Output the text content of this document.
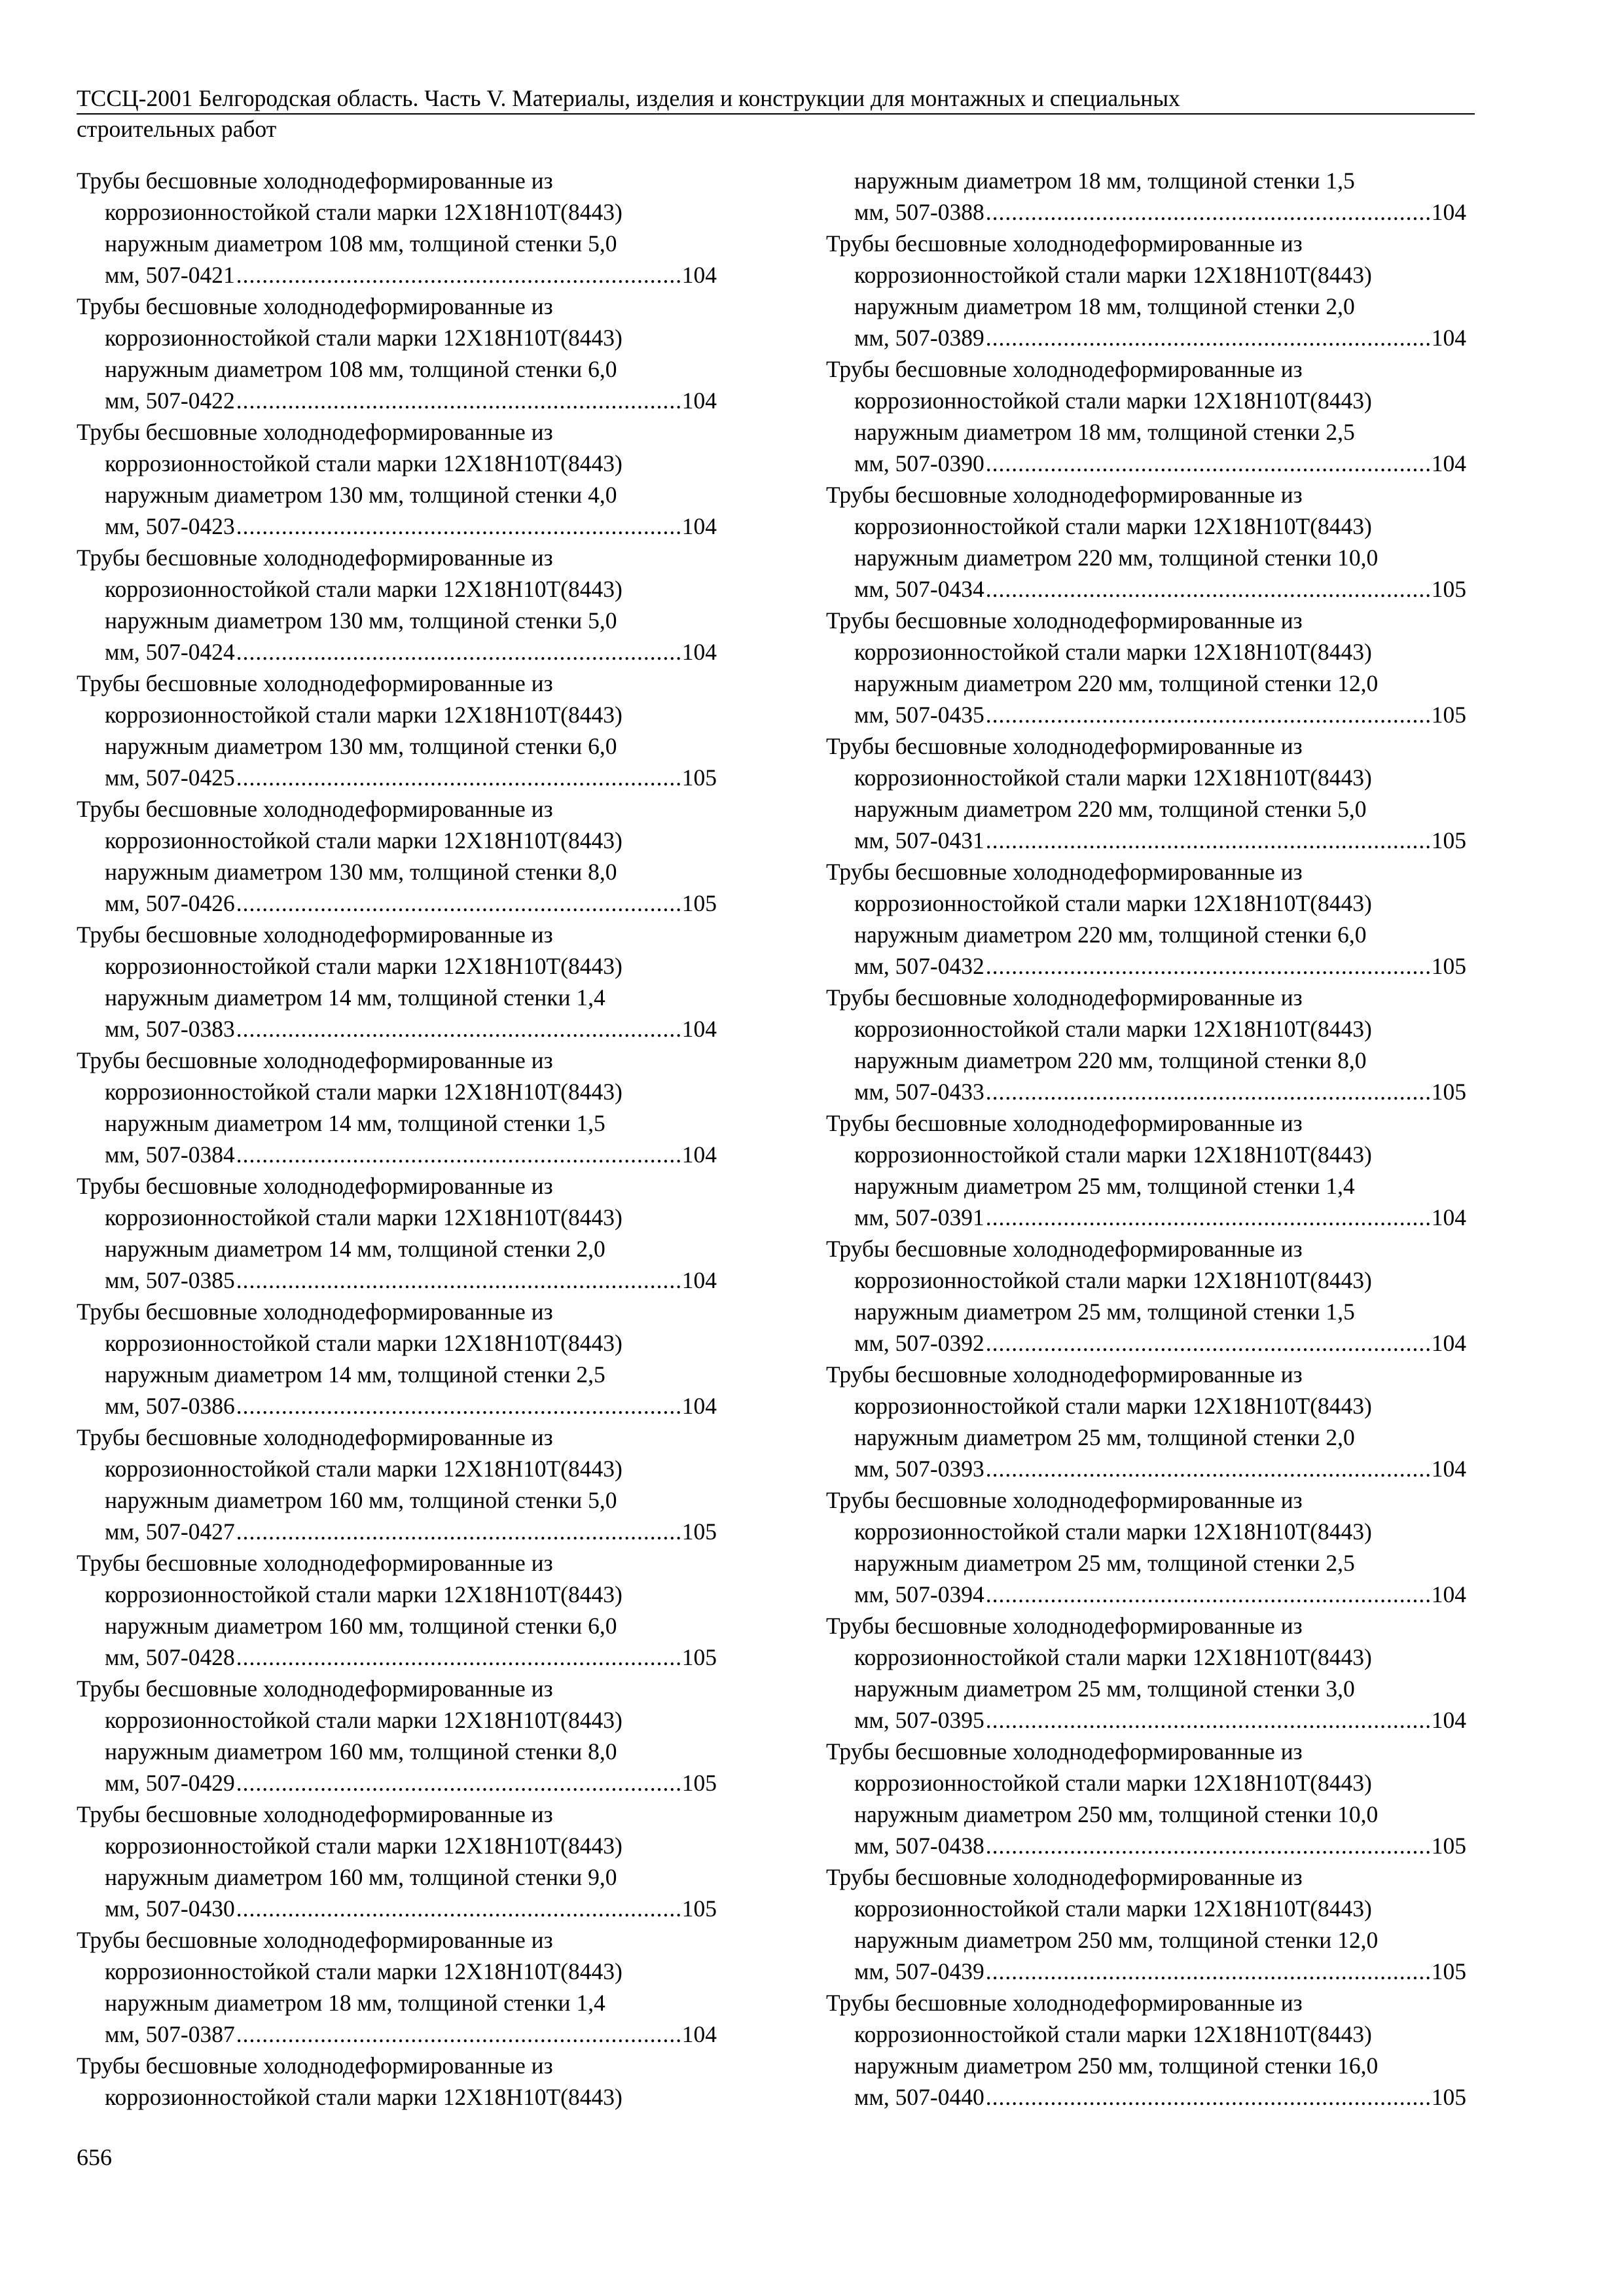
ТССЦ-2001 Белгородская область. Часть V. Материалы, изделия и конструкции для монтажных и специальных
строительных работ
Трубы бесшовные холоднодеформированные из
коррозионностойкой стали марки 12Х18Н10Т(8443)
наружным диаметром 108 мм, толщиной стенки 5,0
мм, 507-0421 .....	104
Трубы бесшовные холоднодеформированные из
коррозионностойкой стали марки 12Х18Н10Т(8443)
наружным диаметром 108 мм, толщиной стенки 6,0
мм, 507-0422 .....	104
Трубы бесшовные холоднодеформированные из
коррозионностойкой стали марки 12Х18Н10Т(8443)
наружным диаметром 130 мм, толщиной стенки 4,0
мм, 507-0423 .....	104
Трубы бесшовные холоднодеформированные из
коррозионностойкой стали марки 12Х18Н10Т(8443)
наружным диаметром 130 мм, толщиной стенки 5,0
мм, 507-0424 .....	104
Трубы бесшовные холоднодеформированные из
коррозионностойкой стали марки 12Х18Н10Т(8443)
наружным диаметром 130 мм, толщиной стенки 6,0
мм, 507-0425 .....	105
Трубы бесшовные холоднодеформированные из
коррозионностойкой стали марки 12Х18Н10Т(8443)
наружным диаметром 130 мм, толщиной стенки 8,0
мм, 507-0426 .....	105
Трубы бесшовные холоднодеформированные из
коррозионностойкой стали марки 12Х18Н10Т(8443)
наружным диаметром 14 мм, толщиной стенки 1,4
мм, 507-0383 .....	104
Трубы бесшовные холоднодеформированные из
коррозионностойкой стали марки 12Х18Н10Т(8443)
наружным диаметром 14 мм, толщиной стенки 1,5
мм, 507-0384 .....	104
Трубы бесшовные холоднодеформированные из
коррозионностойкой стали марки 12Х18Н10Т(8443)
наружным диаметром 14 мм, толщиной стенки 2,0
мм, 507-0385 .....	104
Трубы бесшовные холоднодеформированные из
коррозионностойкой стали марки 12Х18Н10Т(8443)
наружным диаметром 14 мм, толщиной стенки 2,5
мм, 507-0386 .....	104
Трубы бесшовные холоднодеформированные из
коррозионностойкой стали марки 12Х18Н10Т(8443)
наружным диаметром 160 мм, толщиной стенки 5,0
мм, 507-0427 .....	105
Трубы бесшовные холоднодеформированные из
коррозионностойкой стали марки 12Х18Н10Т(8443)
наружным диаметром 160 мм, толщиной стенки 6,0
мм, 507-0428 .....	105
Трубы бесшовные холоднодеформированные из
коррозионностойкой стали марки 12Х18Н10Т(8443)
наружным диаметром 160 мм, толщиной стенки 8,0
мм, 507-0429 .....	105
Трубы бесшовные холоднодеформированные из
коррозионностойкой стали марки 12Х18Н10Т(8443)
наружным диаметром 160 мм, толщиной стенки 9,0
мм, 507-0430 .....	105
Трубы бесшовные холоднодеформированные из
коррозионностойкой стали марки 12Х18Н10Т(8443)
наружным диаметром 18 мм, толщиной стенки 1,4
мм, 507-0387 .....	104
Трубы бесшовные холоднодеформированные из
коррозионностойкой стали марки 12Х18Н10Т(8443)
наружным диаметром 18 мм, толщиной стенки 1,5
мм, 507-0388 .....	104
Трубы бесшовные холоднодеформированные из
коррозионностойкой стали марки 12Х18Н10Т(8443)
наружным диаметром 18 мм, толщиной стенки 2,0
мм, 507-0389 .....	104
Трубы бесшовные холоднодеформированные из
коррозионностойкой стали марки 12Х18Н10Т(8443)
наружным диаметром 18 мм, толщиной стенки 2,5
мм, 507-0390 .....	104
Трубы бесшовные холоднодеформированные из
коррозионностойкой стали марки 12Х18Н10Т(8443)
наружным диаметром 220 мм, толщиной стенки 10,0
мм, 507-0434 .....	105
Трубы бесшовные холоднодеформированные из
коррозионностойкой стали марки 12Х18Н10Т(8443)
наружным диаметром 220 мм, толщиной стенки 12,0
мм, 507-0435 .....	105
Трубы бесшовные холоднодеформированные из
коррозионностойкой стали марки 12Х18Н10Т(8443)
наружным диаметром 220 мм, толщиной стенки 5,0
мм, 507-0431 .....	105
Трубы бесшовные холоднодеформированные из
коррозионностойкой стали марки 12Х18Н10Т(8443)
наружным диаметром 220 мм, толщиной стенки 6,0
мм, 507-0432 .....	105
Трубы бесшовные холоднодеформированные из
коррозионностойкой стали марки 12Х18Н10Т(8443)
наружным диаметром 220 мм, толщиной стенки 8,0
мм, 507-0433 .....	105
Трубы бесшовные холоднодеформированные из
коррозионностойкой стали марки 12Х18Н10Т(8443)
наружным диаметром 25 мм, толщиной стенки 1,4
мм, 507-0391 .....	104
Трубы бесшовные холоднодеформированные из
коррозионностойкой стали марки 12Х18Н10Т(8443)
наружным диаметром 25 мм, толщиной стенки 1,5
мм, 507-0392 .....	104
Трубы бесшовные холоднодеформированные из
коррозионностойкой стали марки 12Х18Н10Т(8443)
наружным диаметром 25 мм, толщиной стенки 2,0
мм, 507-0393 .....	104
Трубы бесшовные холоднодеформированные из
коррозионностойкой стали марки 12Х18Н10Т(8443)
наружным диаметром 25 мм, толщиной стенки 2,5
мм, 507-0394 .....	104
Трубы бесшовные холоднодеформированные из
коррозионностойкой стали марки 12Х18Н10Т(8443)
наружным диаметром 25 мм, толщиной стенки 3,0
мм, 507-0395 .....	104
Трубы бесшовные холоднодеформированные из
коррозионностойкой стали марки 12Х18Н10Т(8443)
наружным диаметром 250 мм, толщиной стенки 10,0
мм, 507-0438 .....	105
Трубы бесшовные холоднодеформированные из
коррозионностойкой стали марки 12Х18Н10Т(8443)
наружным диаметром 250 мм, толщиной стенки 12,0
мм, 507-0439 .....	105
Трубы бесшовные холоднодеформированные из
коррозионностойкой стали марки 12Х18Н10Т(8443)
наружным диаметром 250 мм, толщиной стенки 16,0
мм, 507-0440 .....	105
656
